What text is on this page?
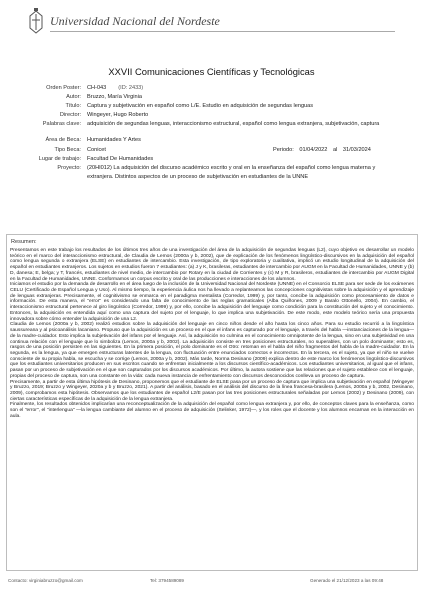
Universidad Nacional del Nordeste
XXVII Comunicaciones Científicas y Tecnológicas
Orden Poster: CH-043 (ID: 2433)
Autor: Bruzzo, María Virginia
Título: Captura y subjetivación en español como L/E. Estudio en adquisición de segundas lenguas
Director: Wingeyer, Hugo Roberto
Palabras clave: adquisición de segundas lenguas, interaccionismo estructural, español como lengua extranjera, subjetivación, captura
Área de Beca: Humanidades Y Artes
Tipo Beca: Conicet	Periodo: 01/04/2022 al 31/03/2024
Lugar de trabajo: Facultad De Humanidades
Proyecto: (20HI012) La adquisición del discurso académico escrito y oral en la enseñanza del español como lengua materna y extranjera. Distintos aspectos de un proceso de subjetivación en estudiantes de la UNNE
Resumen:

Presentamos en este trabajo los resultados de los últimos tres años de una investigación del área de la adquisición de segundas lenguas (L2), cuyo objetivo es desarrollar un modelo teórico en el marco del interaccionismo estructural, de Claudia de Lemos (2000a y b, 2002), que de explicación de los fenómenos lingüístico-discursivos en la adquisición del español como lengua segunda o extranjera (ELSE) en estudiantes de intercambio. Esta investigación, de tipo exploratoria y cualitativa, implicó un estudio longitudinal de la adquisición del español en estudiantes extranjeros. Los sujetos en estudios fueron 7 estudiantes: (a) J y K, brasileras, estudiantes de intercambio por AUGM en la Facultad de Humanidades, UNNE y (b) D, danesa; E, belga; y T, francés, estudiantes de nivel medio, de intercambio por Rotary en la ciudad de Corrientes y (c) M y R, brasileros, estudiantes de intercambio por AUGM Digital en la Facultad de Humanidades, UNNE. Conformamos un corpus escrito y oral de las producciones e interacciones de los alumnos.

Iniciamos el estudio por la demanda de desarrollo en el área luego de la inclusión de la Universidad Nacional del Nordeste (UNNE) en el Consorcio ELSE para ser sede de los exámenes CELU (Certificado de Español Lengua y Uso). Al mismo tiempo, la experiencia áulica nos ha llevado a replantearnos las concepciones cognitivistas sobre la adquisición y el aprendizaje de lenguas extranjeras. Precisamente, el cognitivismo se enmarca en el paradigma mentalista (Corredor, 1999) y, por tanto, concibe la adquisición como procesamiento de datos e información. De esta manera, el "error" es considerado una falta de conocimiento de las reglas gramaticales (Alba Quiñones, 2009 y Baralo Ottonello, 2004). En cambio, el interaccionismo estructural pertenece al giro lingüístico (Corredor, 1999) y, por ello, concibe la adquisición del lenguaje como condición para la constitución del sujeto y el conocimiento. Entonces, la adquisición es entendida aquí como una captura del sujeto por el lenguaje, lo que implica una subjetivación. De este modo, este modelo teórico sería una propuesta innovadora sobre cómo entender la adquisición de una L2.

Claudia de Lemos (2000a y b, 2002) realizó estudios sobre la adquisición del lenguaje en cinco niños desde el año hasta los cinco años. Para su estudio recurrió a la lingüística saussureana y al psicoanálisis lacaniano. Propuso que la adquisición es un proceso en el que el infans es capturado por el lenguaje, a través del habla —instanciaciones de la lengua— de la madre-cuidador. Esto implica la subjetivación del infans por el lenguaje. Así, la adquisición no culmina en el conocimiento omnipotente de la lengua, sino en una subjetividad en una continua relación con el lenguaje que lo simboliza (Lemos, 2000a y b, 2002). La adquisición consiste en tres posiciones estructurales, no superables, con un polo dominante; esto es, rasgos de una posición persisten en las siguientes. En la primera posición, el polo dominante es el Otro: retoman en el habla del niño fragmentos del habla de la madre-cuidador. En la segunda, es la lengua, ya que emergen estructuras latentes de la lengua, con fluctuación entre enunciados correctos e incorrectos. En la tercera, es el sujeto, ya que el niño se vuelve consciente de su propia habla, se escucha y se corrige (Lemos, 2000a y b, 2002). Más tarde, Norma Desinano (2009) explica dentro de este marco los fenómenos lingüístico-discursivos que los estudiantes universitarios producen en sus escritos cuando se enfrentan inicialmente a los discursos científico-académicos. Los estudiantes universitarios, al igual que el infans, pasan por un proceso de subjetivación en el que son capturados por los discursos académicos. Por último, la autora sostiene que las relaciones que el sujeto establece con el lenguaje, propias del proceso de captura, son una constante en la vida: cada nueva instancia de enfrentamiento con discursos desconocidos conlleva un proceso de captura.

Precisamente, a partir de esta última hipótesis de Desinano, proponemos que el estudiante de ELSE pasa por un proceso de captura que implica una subjetivación en español (Wingeyer y Bruzzo, 2019; Bruzzo y Wingeyer, 2020a y b y Bruzzo, 2021). A partir del análisis, basado en el análisis del discurso de la línea francesa-brasilera (Lemos, 2000a y b, 2002, Desinano, 2009), comprobamos esta hipótesis. Observamos que los estudiantes de español L2/E pasan por las tres posiciones estructurales señaladas por Lemos (2002) y Desinano (2009), con ciertas características específicas de la adquisición de la lengua extranjera.

Finalmente, los resultados obtenidos implicarían una reconceptualización de la adquisición del español como lengua extranjera y, por ello, de conceptos claves para la enseñanza, como son el "error", el "interlengua" —la lengua cambiante del alumno en el proceso de adquisición (Selinker, 1972)—, y los roles que el docente y los alumnos encarnan en la interacción en aula.

Contacto: virginiabruzzo@gmail.com	Tel: 3794589089	Generado el 21/12/2023 a las 09:48
